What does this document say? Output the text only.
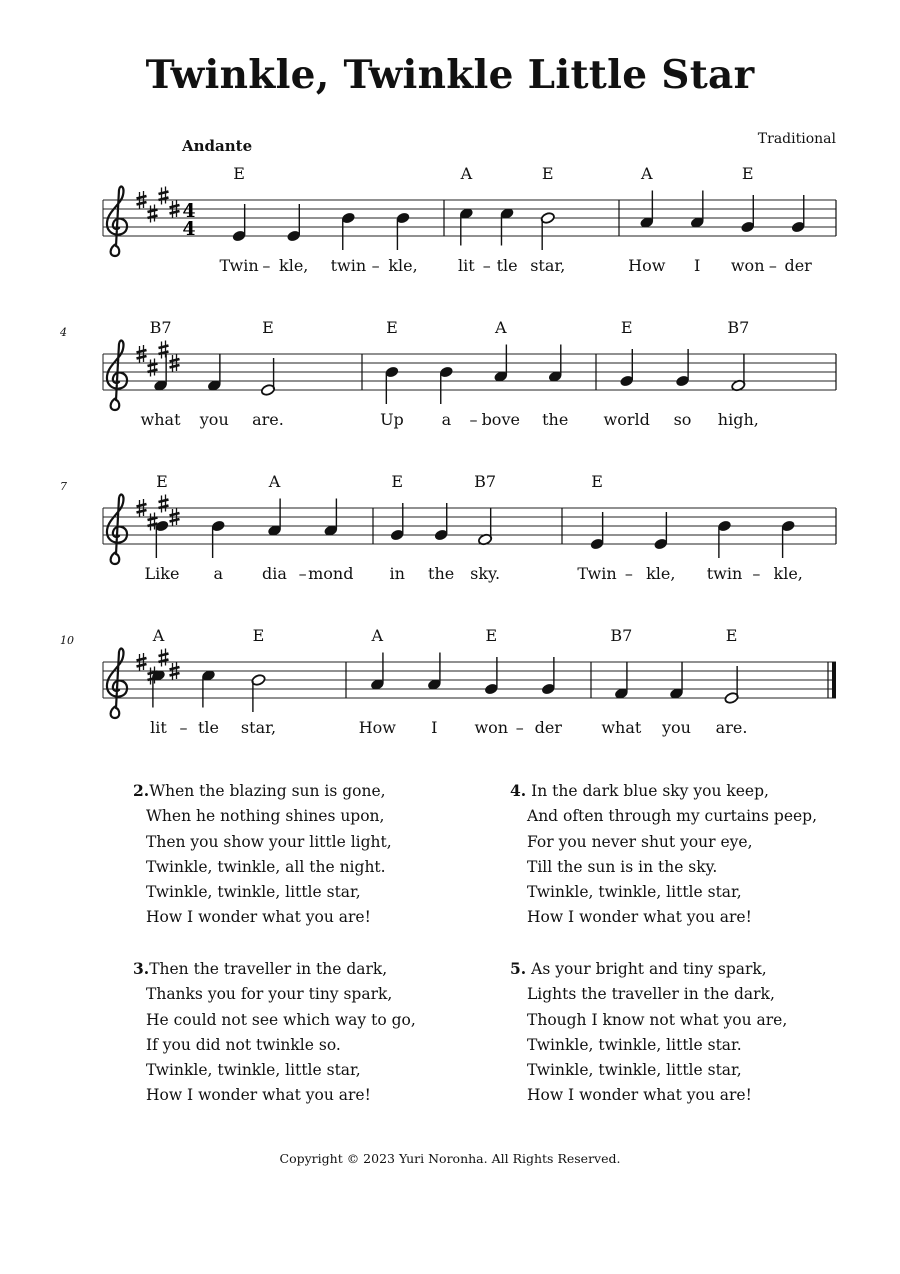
Twinkle, Twinkle Little Star
Traditional
Andante
4
7
10
4
4
E
Twin kle, twin kle,
A	E
lit tle star,
A	E
How I won der
B7	E
what you are.
E	A
Up a bove the
E	B7
world so high,
E	A
Like a dia mond
E	B7
in the sky.
E
Twin kle, twin kle,
A	E
lit tle star,
A	E
How I won der
B7	E
what you are.
–	–	–	–
–
–	–	–
–	–
2.When the blazing sun is gone,
When he nothing shines upon,
Then you show your little light,
Twinkle, twinkle, all the night.
Twinkle, twinkle, little star,
How I wonder what you are!
4. In the dark blue sky you keep,
And often through my curtains peep,
For you never shut your eye,
Till the sun is in the sky.
Twinkle, twinkle, little star,
How I wonder what you are!
3.Then the traveller in the dark,
Thanks you for your tiny spark,
He could not see which way to go,
If you did not twinkle so.
Twinkle, twinkle, little star,
How I wonder what you are!
5. As your bright and tiny spark,
Lights the traveller in the dark,
Though I know not what you are,
Twinkle, twinkle, little star.
Twinkle, twinkle, little star,
How I wonder what you are!
Copyright © 2023 Yuri Noronha. All Rights Reserved.
